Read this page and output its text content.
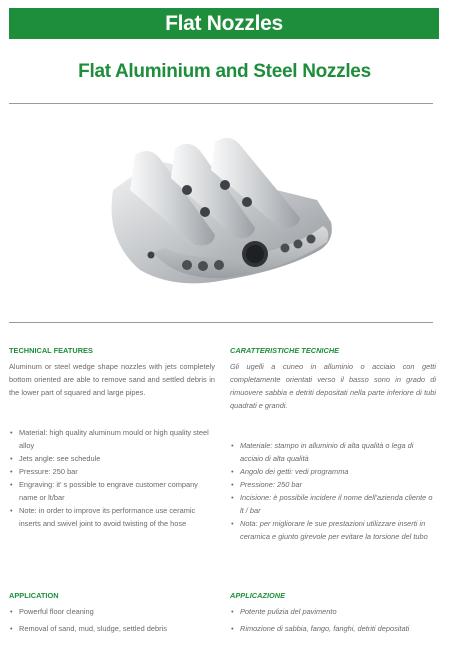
Flat Nozzles
Flat Aluminium and Steel Nozzles

TECHNICAL FEATURES

Aluminum or steel wedge shape nozzles with jets completely bottom oriented are able to remove sand and settled debris in the lower part of squared and large pipes.

• Material: high quality aluminum mould or high quality steel alloy
• Jets angle: see schedule
• Pressure: 250 bar
• Engraving: it' s possible to engrave customer company name or lt/bar
• Note: in order to improve its performance use ceramic inserts and swivel joint to avoid twisting of the hose

CARATTERISTICHE TECNICHE

Gli ugelli a cuneo in alluminio o acciaio con getti completamente orientati verso il basso sono in grado di rimuovere sabbia e detriti depositati nella parte inferiore di tubi quadrati e grandi.

• Materiale: stampo in alluminio di alta qualità o lega di acciaio di alta qualità
• Angolo dei getti: vedi programma
• Pressione: 250 bar
• Incisione: è possibile incidere il nome dell'azienda cliente o lt / bar
• Nota: per migliorare le sue prestazioni utilizzare inserti in ceramica e giunto girevole per evitare la torsione del tubo

APPLICATION

• Powerful floor cleaning
• Removal of sand, mud, sludge, settled debris

APPLICAZIONE

• Potente pulizia del pavimento
• Rimozione di sabbia, fango, fanghi, detriti depositati
